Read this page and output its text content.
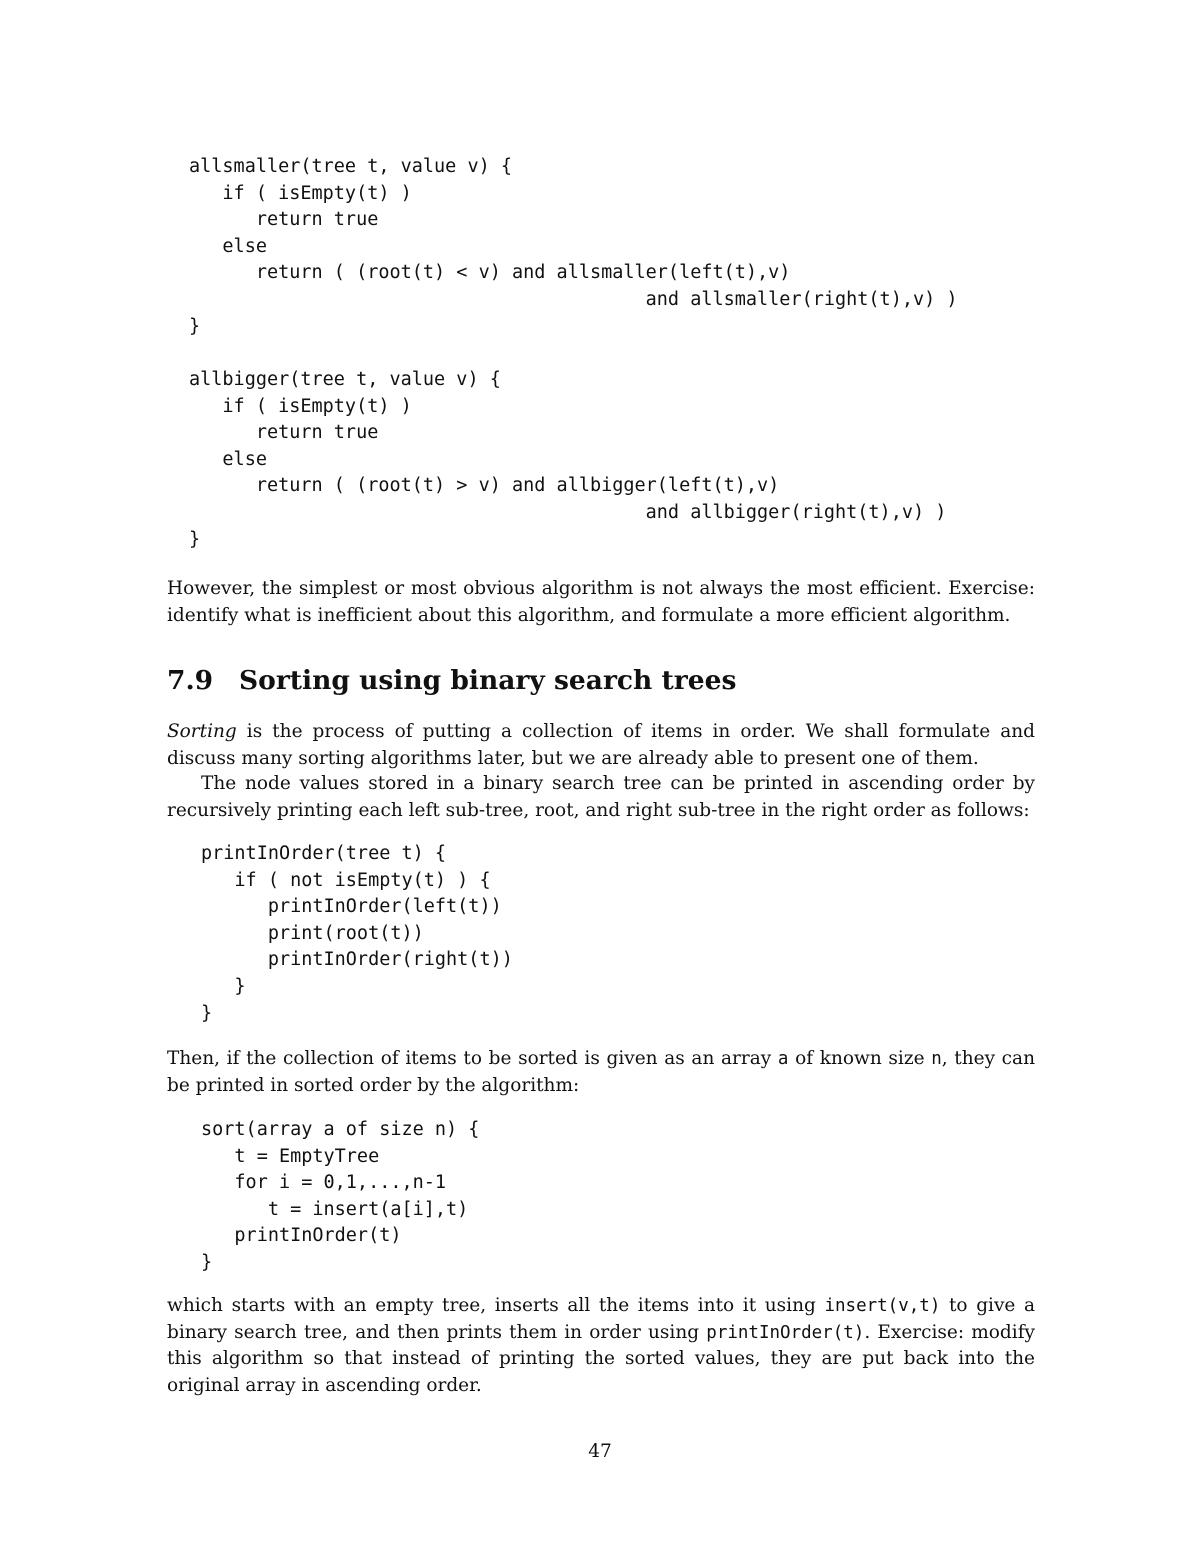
allsmaller(tree t, value v) {
if ( isEmpty(t) )
return true
else
return ( (root(t) < v) and allsmaller(left(t),v)
and allsmaller(right(t),v) )
}
allbigger(tree t, value v) {
if ( isEmpty(t) )
return true
else
return ( (root(t) > v) and allbigger(left(t),v)
and allbigger(right(t),v) )
}

However, the simplest or most obvious algorithm is not always the most efficient. Exercise: identify what is inefficient about this algorithm, and formulate a more efficient algorithm.

7.9 Sorting using binary search trees

Sorting is the process of putting a collection of items in order. We shall formulate and discuss many sorting algorithms later, but we are already able to present one of them.

The node values stored in a binary search tree can be printed in ascending order by recursively printing each left sub-tree, root, and right sub-tree in the right order as follows:

printInOrder(tree t) {
if ( not isEmpty(t) ) {
printInOrder(left(t))
print(root(t))
printInOrder(right(t))
}
}

Then, if the collection of items to be sorted is given as an array a of known size n, they can be printed in sorted order by the algorithm:

sort(array a of size n) {
t = EmptyTree
for i = 0,1,...,n-1
t = insert(a[i],t)
printInOrder(t)
}

which starts with an empty tree, inserts all the items into it using insert(v,t) to give a binary search tree, and then prints them in order using printInOrder(t). Exercise: modify this algorithm so that instead of printing the sorted values, they are put back into the original array in ascending order.

47
